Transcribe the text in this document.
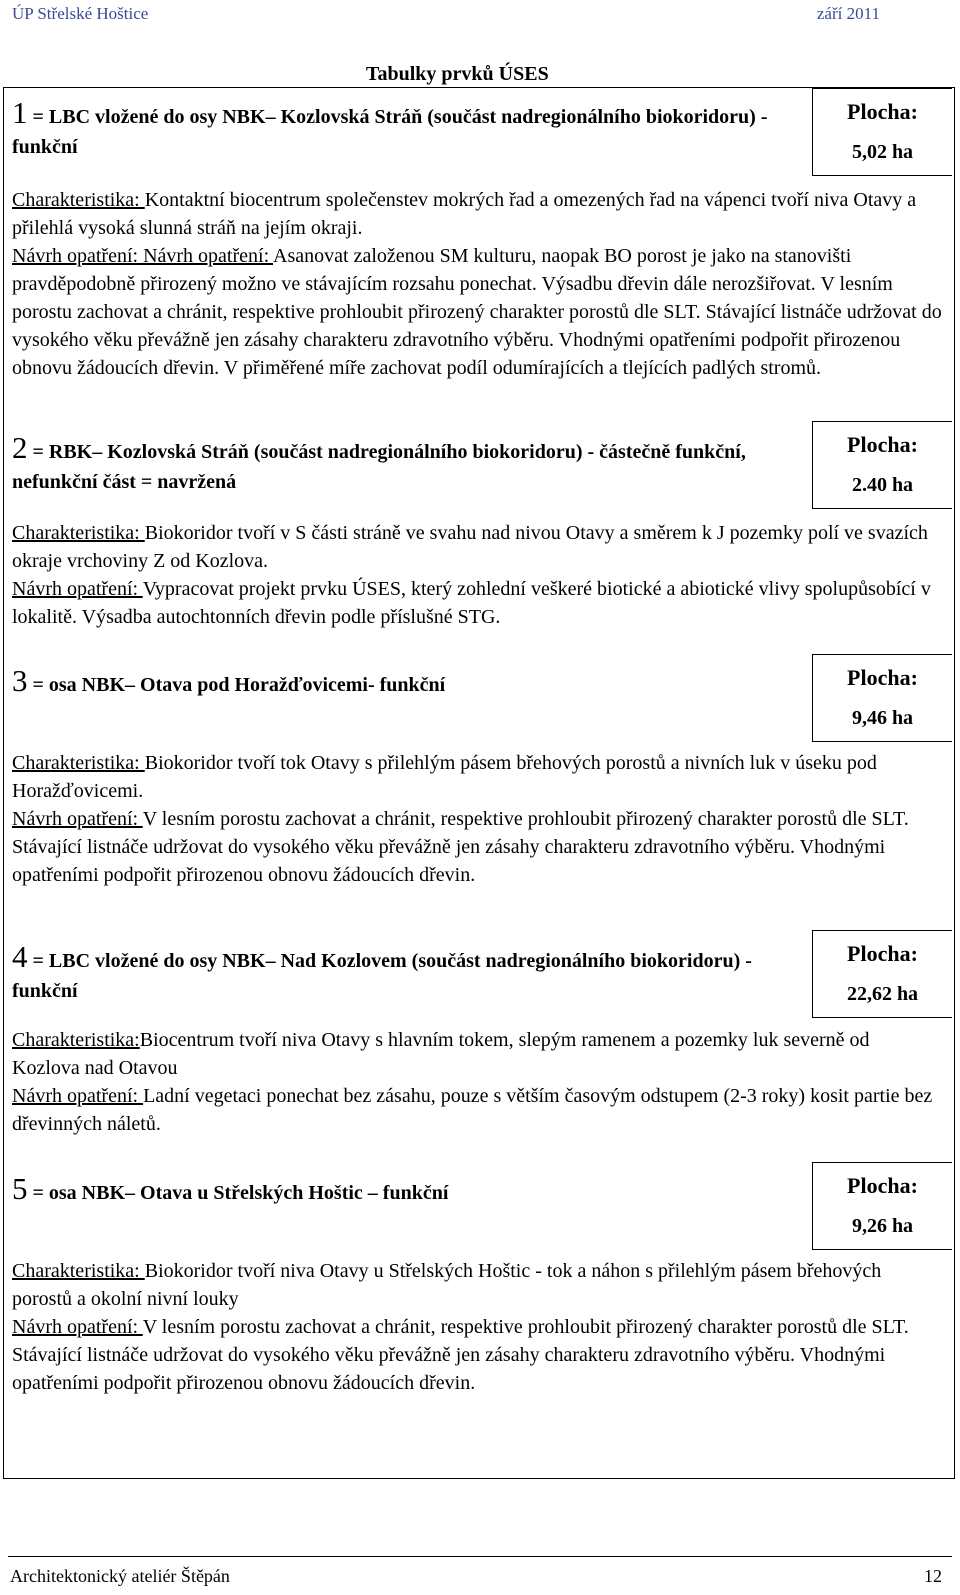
ÚP Střelské Hoštice	září 2011
Tabulky prvků ÚSES
1 = LBC vložené do osy NBK– Kozlovská Stráň (součást nadregionálního biokoridoru) - funkční
Plocha:
5,02 ha

Charakteristika: Kontaktní biocentrum společenstev mokrých řad a omezených řad na vápenci tvoří niva Otavy a přilehlá vysoká slunná stráň na jejím okraji.

Návrh opatření: Návrh opatření: Asanovat založenou SM kulturu, naopak BO porost je jako na stanovišti pravděpodobně přirozený možno ve stávajícím rozsahu ponechat. Výsadbu dřevin dále nerozšiřovat. V lesním porostu zachovat a chránit, respektive prohloubit přirozený charakter porostů dle SLT. Stávající listnáče udržovat do vysokého věku převážně jen zásahy charakteru zdravotního výběru. Vhodnými opatřeními podpořit přirozenou obnovu žádoucích dřevin. V přiměřené míře zachovat podíl odumírajících a tlejících padlých stromů.

2 = RBK– Kozlovská Stráň (součást nadregionálního biokoridoru) - částečně funkční, nefunkční část = navržená
Plocha:
2.40 ha

Charakteristika: Biokoridor tvoří v S části stráně ve svahu nad nivou Otavy a směrem k J pozemky polí ve svazích okraje vrchoviny Z od Kozlova.

Návrh opatření: Vypracovat projekt prvku ÚSES, který zohlední veškeré biotické a abiotické vlivy spolupůsobící v lokalitě. Výsadba autochtonních dřevin podle příslušné STG.

3 = osa NBK– Otava pod Horažďovicemi- funkční	Plocha:
9,46 ha

Charakteristika: Biokoridor tvoří tok Otavy s přilehlým pásem břehových porostů a nivních luk v úseku pod Horažďovicemi.

Návrh opatření: V lesním porostu zachovat a chránit, respektive prohloubit přirozený charakter porostů dle SLT. Stávající listnáče udržovat do vysokého věku převážně jen zásahy charakteru zdravotního výběru. Vhodnými opatřeními podpořit přirozenou obnovu žádoucích dřevin.

4 = LBC vložené do osy NBK– Nad Kozlovem (součást nadregionálního biokoridoru) - funkční
Plocha:
22,62 ha

Charakteristika:Biocentrum tvoří niva Otavy s hlavním tokem, slepým ramenem a pozemky luk severně od Kozlova nad Otavou

Návrh opatření: Ladní vegetaci ponechat bez zásahu, pouze s větším časovým odstupem (2-3 roky) kosit partie bez dřevinných náletů.

5 = osa NBK– Otava u Střelských Hoštic – funkční	Plocha:
9,26 ha

Charakteristika: Biokoridor tvoří niva Otavy u Střelských Hoštic - tok a náhon s přilehlým pásem břehových porostů a okolní nivní louky

Návrh opatření: V lesním porostu zachovat a chránit, respektive prohloubit přirozený charakter porostů dle SLT. Stávající listnáče udržovat do vysokého věku převážně jen zásahy charakteru zdravotního výběru. Vhodnými opatřeními podpořit přirozenou obnovu žádoucích dřevin.

Architektonický ateliér Štěpán	12
